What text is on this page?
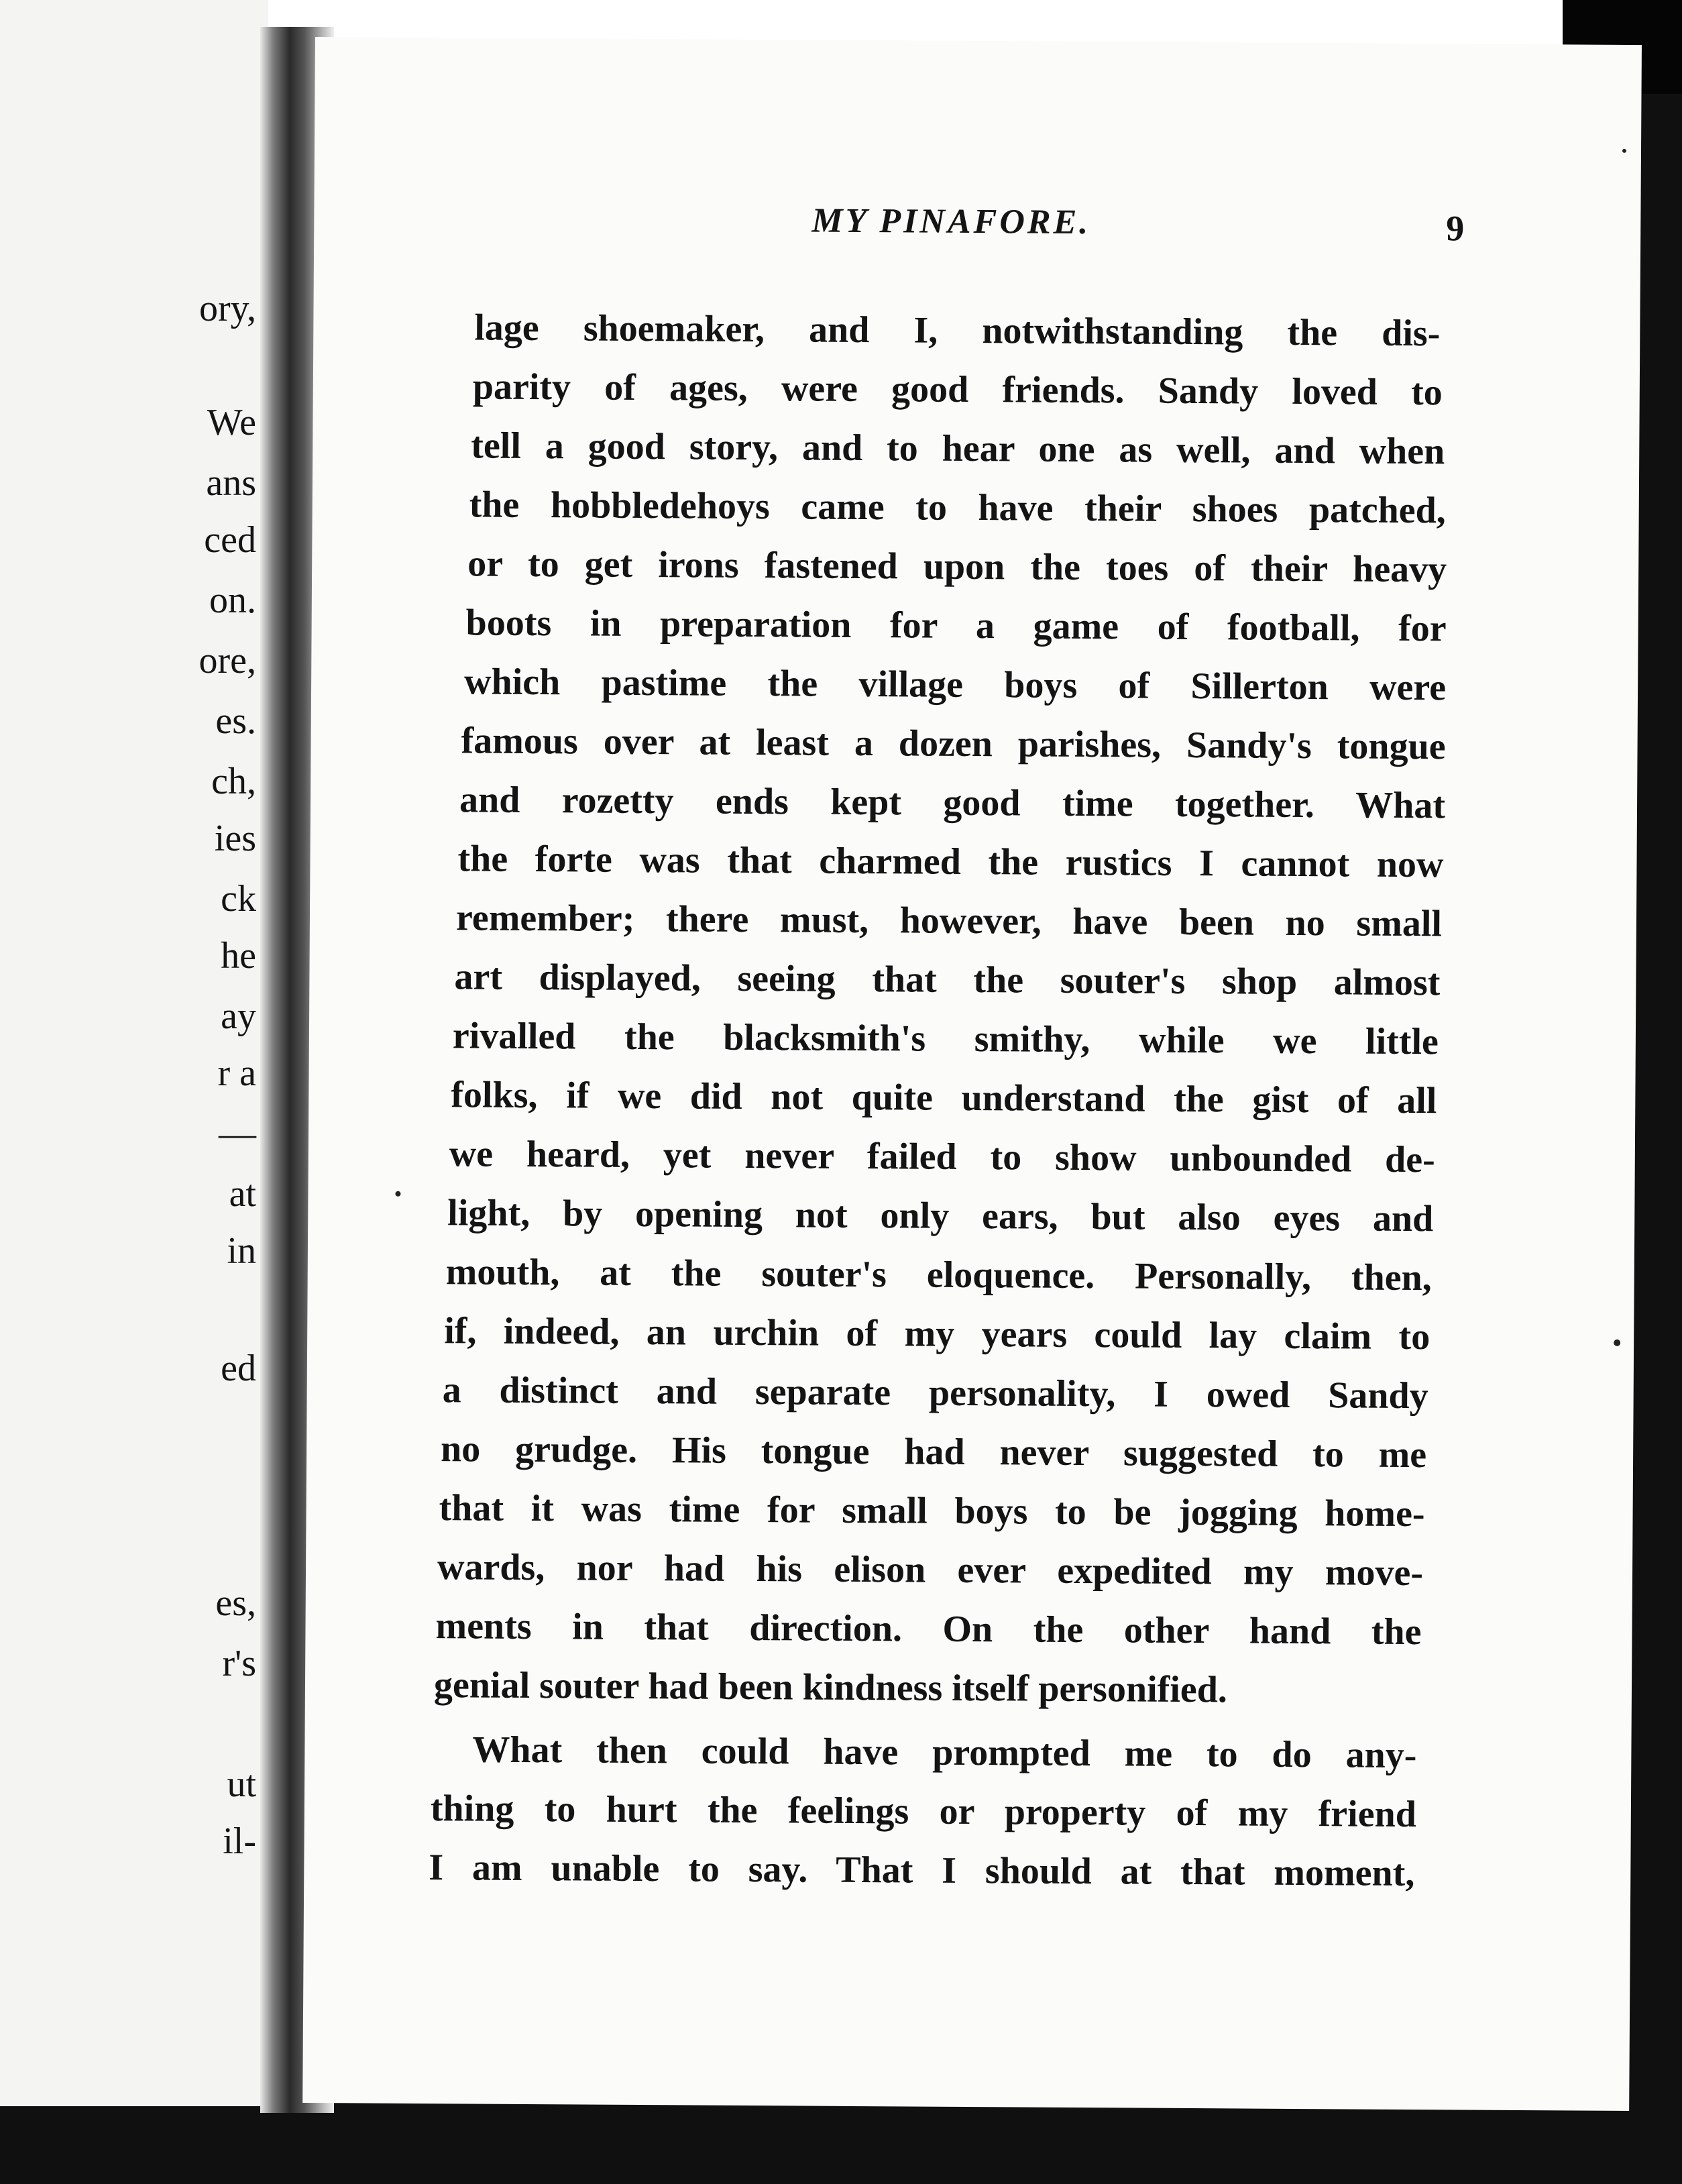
ory,
We
ans
ced
on.
ore,
es.
ch,
ies
ck
he
ay
r a
—
at
in
ed
es,
r's
ut
il-
MY PINAFORE.	9
lage shoemaker, and I, notwithstanding the dis-
parity of ages, were good friends. Sandy loved to
tell a good story, and to hear one as well, and when
the hobbledehoys came to have their shoes patched,
or to get irons fastened upon the toes of their heavy
boots in preparation for a game of football, for
which pastime the village boys of Sillerton were
famous over at least a dozen parishes, Sandy's tongue
and rozetty ends kept good time together. What
the forte was that charmed the rustics I cannot now
remember; there must, however, have been no small
art displayed, seeing that the souter's shop almost
rivalled the blacksmith's smithy, while we little
folks, if we did not quite understand the gist of all
we heard, yet never failed to show unbounded de-
light, by opening not only ears, but also eyes and
mouth, at the souter's eloquence. Personally, then,
if, indeed, an urchin of my years could lay claim to
a distinct and separate personality, I owed Sandy
no grudge. His tongue had never suggested to me
that it was time for small boys to be jogging home-
wards, nor had his elison ever expedited my move-
ments in that direction. On the other hand the
genial souter had been kindness itself personified.
What then could have prompted me to do any-
thing to hurt the feelings or property of my friend
I am unable to say. That I should at that moment,
